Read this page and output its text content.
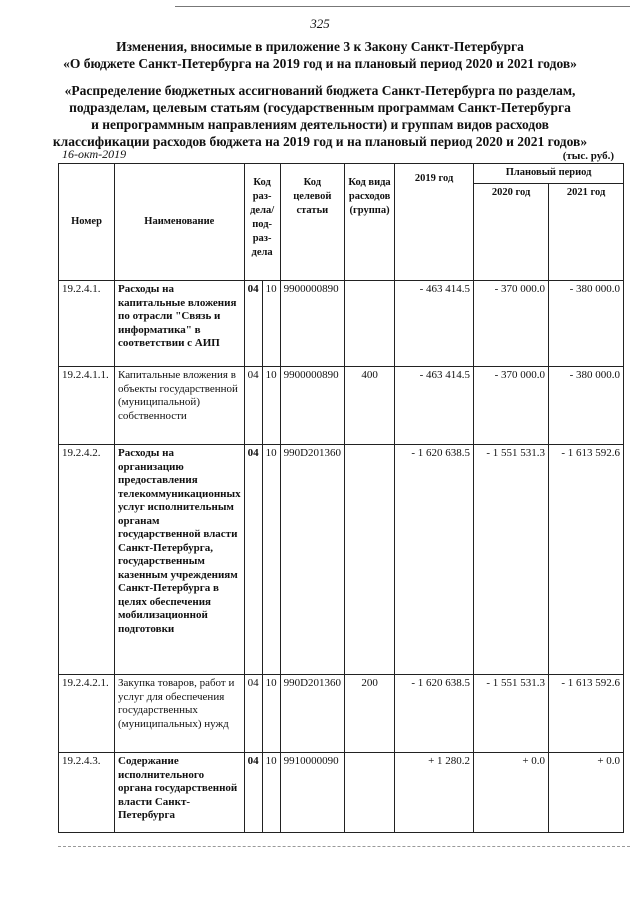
325
Изменения, вносимые в приложение 3 к Закону Санкт-Петербурга
«О бюджете Санкт-Петербурга на 2019 год и на плановый период 2020 и 2021 годов»
«Распределение бюджетных ассигнований бюджета Санкт-Петербурга по разделам,
подразделам, целевым статьям (государственным программам Санкт-Петербурга
и непрограммным направлениям деятельности) и группам видов расходов
классификации расходов бюджета на 2019 год и на плановый период 2020 и 2021 годов»
16-окт-2019	(тыс. руб.)
Номер	Наименование	Код раз-дела/ под-раз-дела		Код целевой статьи	Код вида расходов (группа)	2019 год	Плановый период	
							2020 год	2021 год
19.2.4.1.	Расходы на капитальные вложения по отрасли "Связь и информатика" в соответствии с АИП	04	10	9900000890		- 463 414.5	- 370 000.0	- 380 000.0
19.2.4.1.1.	Капитальные вложения в объекты государственной (муниципальной) собственности	04	10	9900000890	400	- 463 414.5	- 370 000.0	- 380 000.0
19.2.4.2.	Расходы на организацию предоставления телекоммуникационных услуг исполнительным органам государственной власти Санкт-Петербурга, государственным казенным учреждениям Санкт-Петербурга в целях обеспечения мобилизационной подготовки	04	10	990D201360		- 1 620 638.5	- 1 551 531.3	- 1 613 592.6
19.2.4.2.1.	Закупка товаров, работ и услуг для обеспечения государственных (муниципальных) нужд	04	10	990D201360	200	- 1 620 638.5	- 1 551 531.3	- 1 613 592.6
19.2.4.3.	Содержание исполнительного органа государственной власти Санкт-Петербурга	04	10	9910000090		+ 1 280.2	+ 0.0	+ 0.0
